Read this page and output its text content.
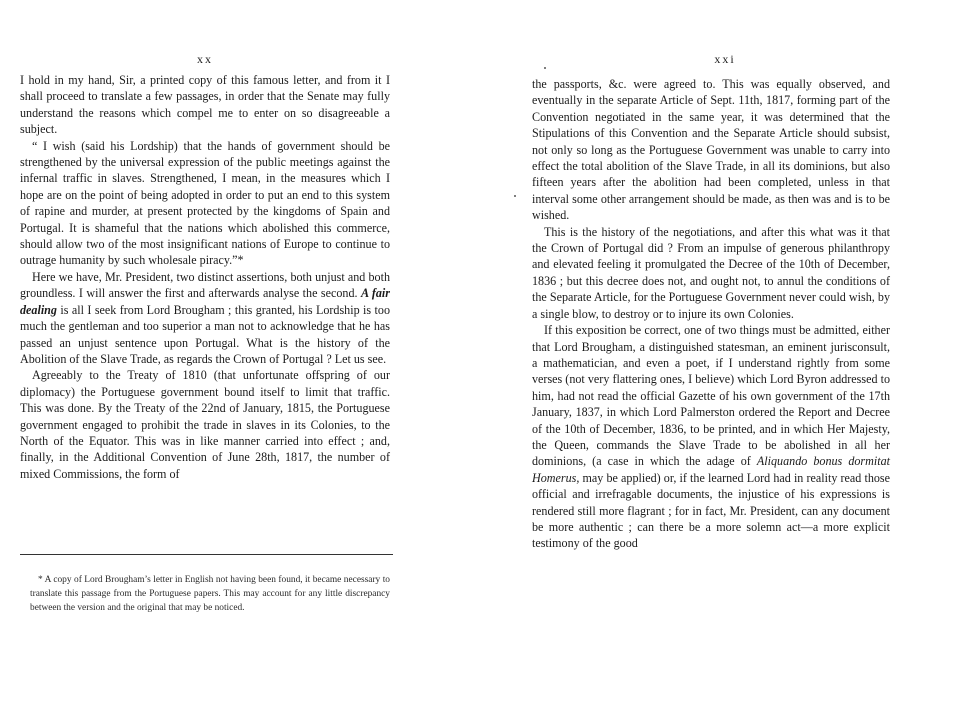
xx

I hold in my hand, Sir, a printed copy of this famous letter, and from it I shall proceed to translate a few passages, in order that the Senate may fully understand the reasons which compel me to enter on so disagreeable a subject.

“ I wish (said his Lordship) that the hands of government should be strengthened by the universal expression of the public meetings against the infernal traffic in slaves. Strengthened, I mean, in the measures which I hope are on the point of being adopted in order to put an end to this system of rapine and murder, at present protected by the kingdoms of Spain and Portugal. It is shameful that the nations which abolished this commerce, should allow two of the most insignificant nations of Europe to continue to outrage humanity by such wholesale piracy.”*

Here we have, Mr. President, two distinct assertions, both unjust and both groundless. I will answer the first and afterwards analyse the second. A fair dealing is all I seek from Lord Brougham ; this granted, his Lordship is too much the gentleman and too superior a man not to acknowledge that he has passed an unjust sentence upon Portugal. What is the history of the Abolition of the Slave Trade, as regards the Crown of Portugal ? Let us see.

Agreeably to the Treaty of 1810 (that unfortunate offspring of our diplomacy) the Portuguese government bound itself to limit that traffic. This was done. By the Treaty of the 22nd of January, 1815, the Portuguese government engaged to prohibit the trade in slaves in its Colonies, to the North of the Equator. This was in like manner carried into effect ; and, finally, in the Additional Convention of June 28th, 1817, the number of mixed Commissions, the form of

* A copy of Lord Brougham’s letter in English not having been found, it became necessary to translate this passage from the Portuguese papers. This may account for any little discrepancy between the version and the original that may be noticed.

xxi

the passports, &c. were agreed to. This was equally observed, and eventually in the separate Article of Sept. 11th, 1817, forming part of the Convention negotiated in the same year, it was determined that the Stipulations of this Convention and the Separate Article should subsist, not only so long as the Portuguese Government was unable to carry into effect the total abolition of the Slave Trade, in all its dominions, but also fifteen years after the abolition had been completed, unless in that interval some other arrangement should be made, as then was and is to be wished.

This is the history of the negotiations, and after this what was it that the Crown of Portugal did ? From an impulse of generous philanthropy and elevated feeling it promulgated the Decree of the 10th of December, 1836 ; but this decree does not, and ought not, to annul the conditions of the Separate Article, for the Portuguese Government never could wish, by a single blow, to destroy or to injure its own Colonies.

If this exposition be correct, one of two things must be admitted, either that Lord Brougham, a distinguished statesman, an eminent jurisconsult, a mathematician, and even a poet, if I understand rightly from some verses (not very flattering ones, I believe) which Lord Byron addressed to him, had not read the official Gazette of his own government of the 17th January, 1837, in which Lord Palmerston ordered the Report and Decree of the 10th of December, 1836, to be printed, and in which Her Majesty, the Queen, commands the Slave Trade to be abolished in all her dominions, (a case in which the adage of Aliquando bonus dormitat Homerus, may be applied) or, if the learned Lord had in reality read those official and irrefragable documents, the injustice of his expressions is rendered still more flagrant ; for in fact, Mr. President, can any document be more authentic ; can there be a more solemn act—a more explicit testimony of the good
